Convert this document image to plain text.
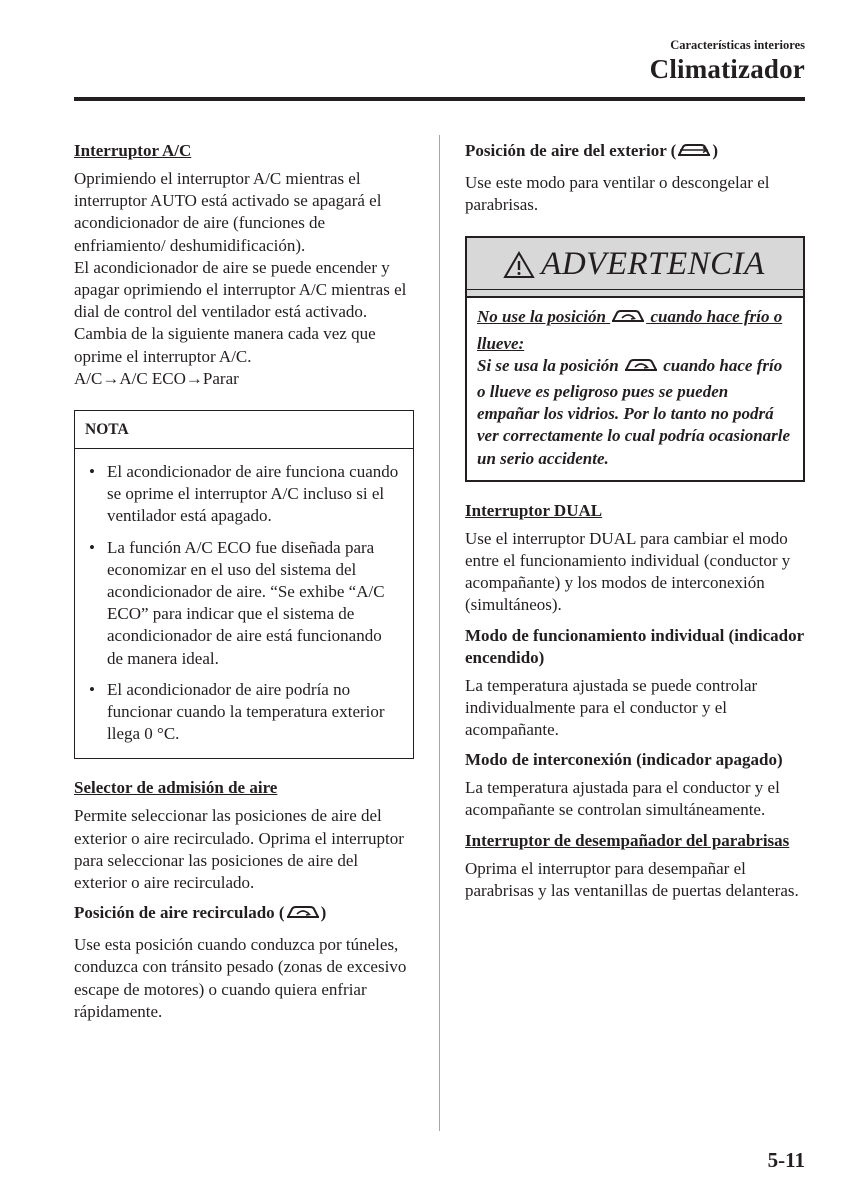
Características interiores
Climatizador

Interruptor A/C

Oprimiendo el interruptor A/C mientras el interruptor AUTO está activado se apagará el acondicionador de aire (funciones de enfriamiento/ deshumidificación).

El acondicionador de aire se puede encender y apagar oprimiendo el interruptor A/C mientras el dial de control del ventilador está activado.

Cambia de la siguiente manera cada vez que oprime el interruptor A/C.

A/C→A/C ECO→Parar

NOTA
• El acondicionador de aire funciona cuando se oprime el interruptor A/C incluso si el ventilador está apagado.
• La función A/C ECO fue diseñada para economizar en el uso del sistema del acondicionador de aire. “Se exhibe “A/C ECO” para indicar que el sistema de acondicionador de aire está funcionando de manera ideal.
• El acondicionador de aire podría no funcionar cuando la temperatura exterior llega 0 °C.

Selector de admisión de aire

Permite seleccionar las posiciones de aire del exterior o aire recirculado. Oprima el interruptor para seleccionar las posiciones de aire del exterior o aire recirculado.

Posición de aire recirculado ( )

Use esta posición cuando conduzca por túneles, conduzca con tránsito pesado (zonas de excesivo escape de motores) o cuando quiera enfriar rápidamente.

Posición de aire del exterior ( )

Use este modo para ventilar o descongelar el parabrisas.

ADVERTENCIA
No use la posición	cuando hace frío o llueve:
Si se usa la posición	cuando hace frío o llueve es peligroso pues se pueden empañar los vidrios. Por lo tanto no podrá ver correctamente lo cual podría ocasionarle un serio accidente.

Interruptor DUAL

Use el interruptor DUAL para cambiar el modo entre el funcionamiento individual (conductor y acompañante) y los modos de interconexión (simultáneos).

Modo de funcionamiento individual (indicador encendido)

La temperatura ajustada se puede controlar individualmente para el conductor y el acompañante.

Modo de interconexión (indicador apagado)

La temperatura ajustada para el conductor y el acompañante se controlan simultáneamente.

Interruptor de desempañador del parabrisas

Oprima el interruptor para desempañar el parabrisas y las ventanillas de puertas delanteras.

5-11
